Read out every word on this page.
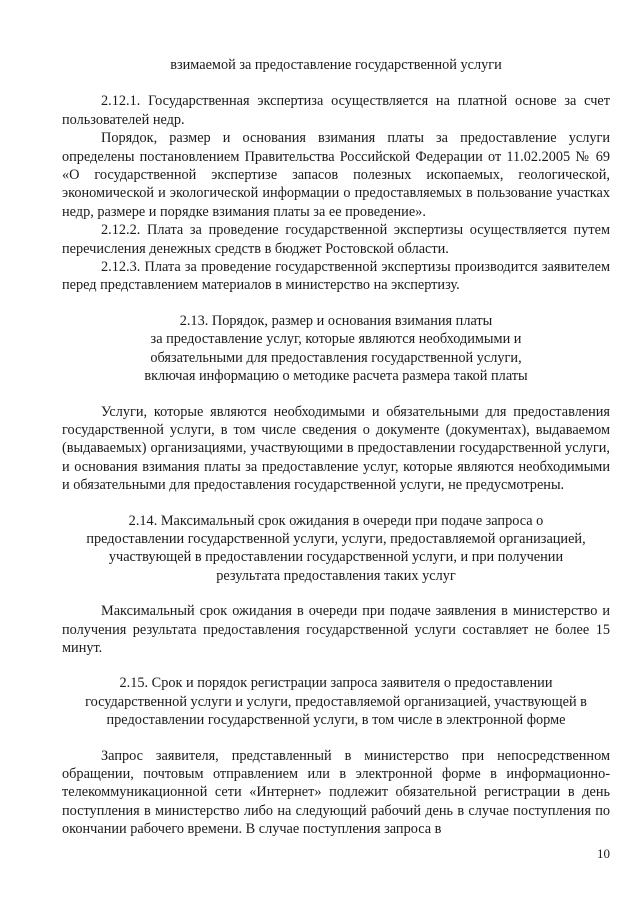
взимаемой за предоставление государственной услуги

2.12.1. Государственная экспертиза осуществляется на платной основе за счет пользователей недр.

Порядок, размер и основания взимания платы за предоставление услуги определены постановлением Правительства Российской Федерации от 11.02.2005 № 69 «О государственной экспертизе запасов полезных ископаемых, геологической, экономической и экологической информации о предоставляемых в пользование участках недр, размере и порядке взимания платы за ее проведение».

2.12.2. Плата за проведение государственной экспертизы осуществляется путем перечисления денежных средств в бюджет Ростовской области.

2.12.3. Плата за проведение государственной экспертизы производится заявителем перед представлением материалов в министерство на экспертизу.

2.13. Порядок, размер и основания взимания платы
за предоставление услуг, которые являются необходимыми и
обязательными для предоставления государственной услуги,
включая информацию о методике расчета размера такой платы

Услуги, которые являются необходимыми и обязательными для предоставления государственной услуги, в том числе сведения о документе (документах), выдаваемом (выдаваемых) организациями, участвующими в предоставлении государственной услуги, и основания взимания платы за предоставление услуг, которые являются необходимыми и обязательными для предоставления государственной услуги, не предусмотрены.

2.14. Максимальный срок ожидания в очереди при подаче запроса о
предоставлении государственной услуги, услуги, предоставляемой организацией,
участвующей в предоставлении государственной услуги, и при получении
результата предоставления таких услуг

Максимальный срок ожидания в очереди при подаче заявления в министерство и получения результата предоставления государственной услуги составляет не более 15 минут.

2.15. Срок и порядок регистрации запроса заявителя о предоставлении
государственной услуги и услуги, предоставляемой организацией, участвующей в
предоставлении государственной услуги, в том числе в электронной форме

Запрос заявителя, представленный в министерство при непосредственном обращении, почтовым отправлением или в электронной форме в информационно-телекоммуникационной сети «Интернет» подлежит обязательной регистрации в день поступления в министерство либо на следующий рабочий день в случае поступления по окончании рабочего времени. В случае поступления запроса в

10
